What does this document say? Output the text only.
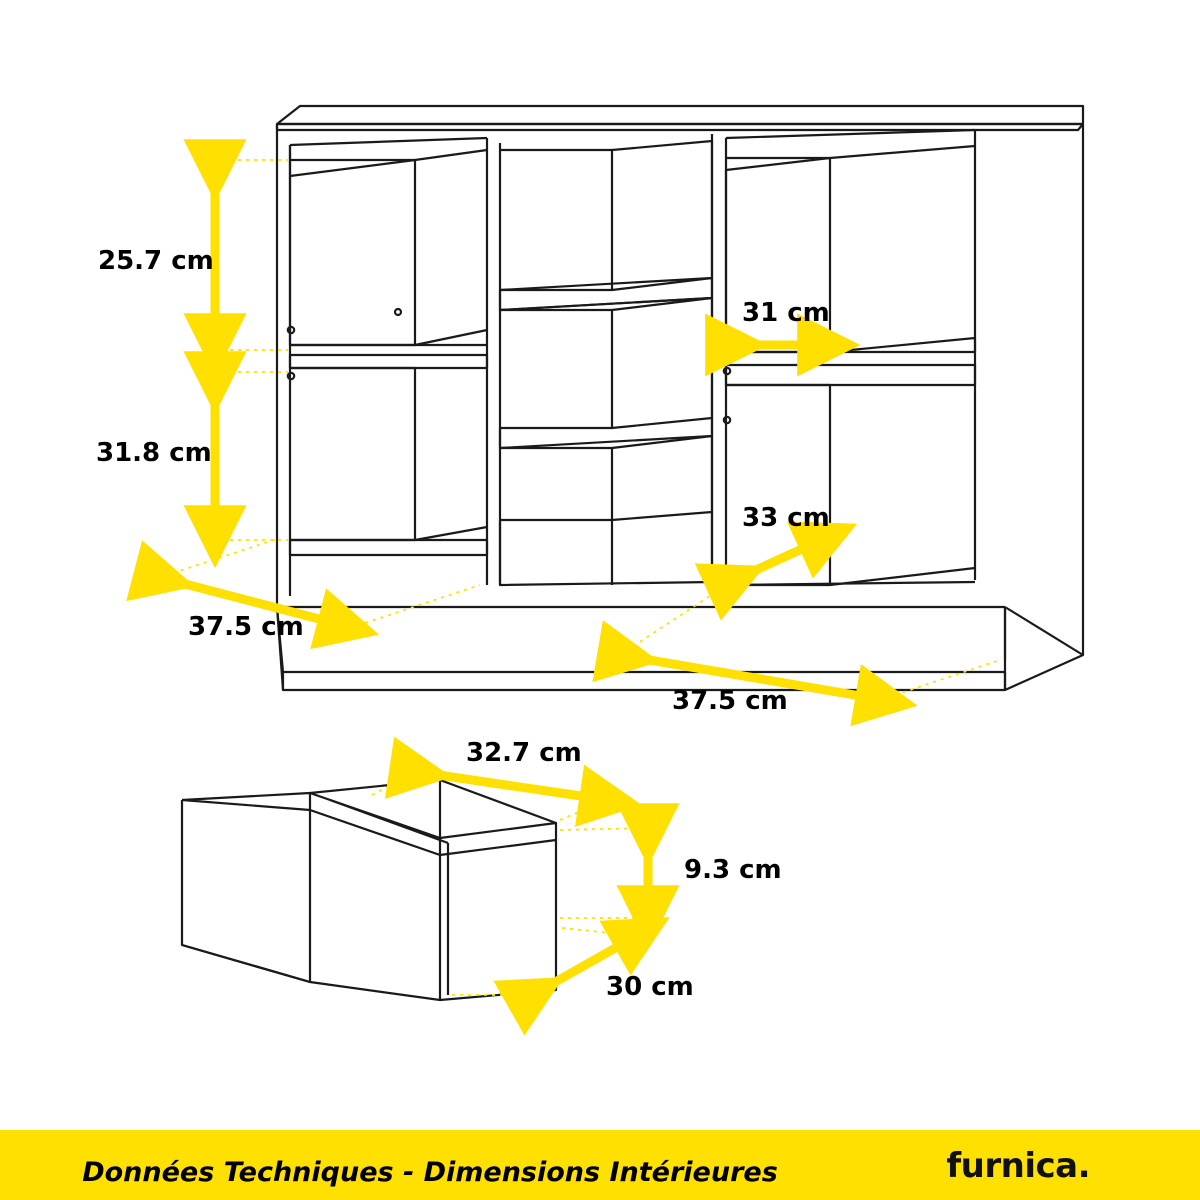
25.7 cm
31.8 cm
37.5 cm
37.5 cm
31 cm
33 cm
32.7 cm
9.3 cm
30 cm
Données Techniques - Dimensions Intérieures	furnica.
